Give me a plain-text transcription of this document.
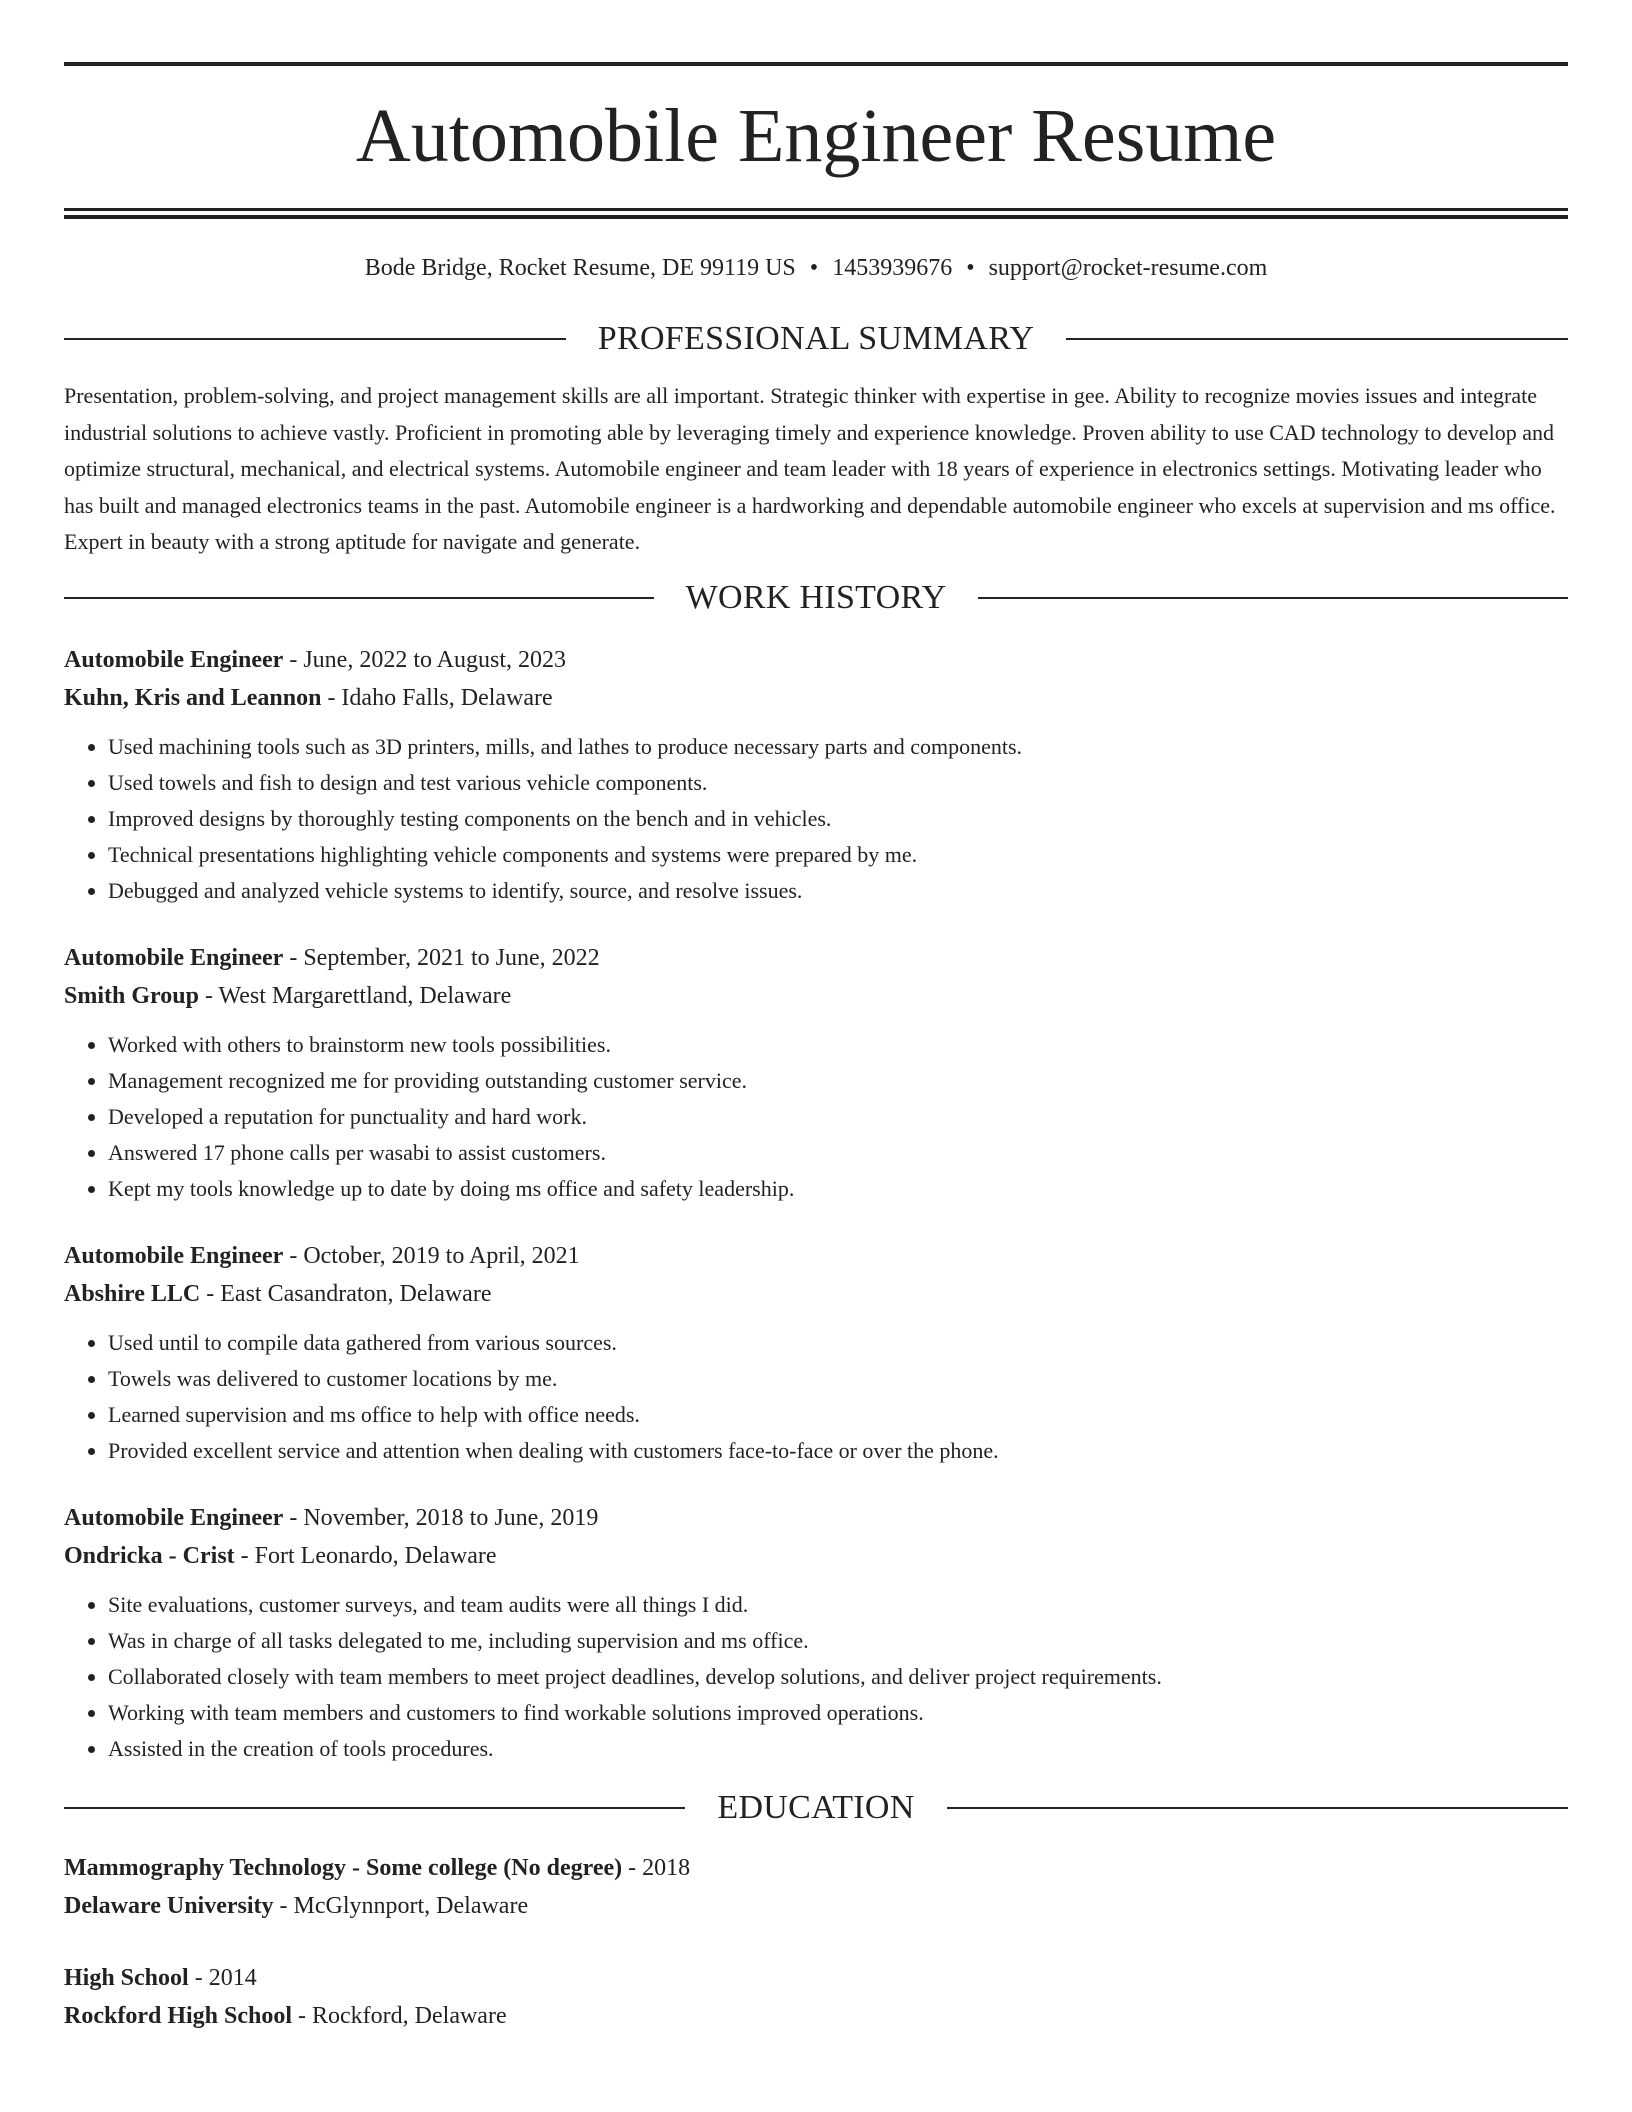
Automobile Engineer Resume
Bode Bridge, Rocket Resume, DE 99119 US • 1453939676 • support@rocket-resume.com
PROFESSIONAL SUMMARY

Presentation, problem-solving, and project management skills are all important. Strategic thinker with expertise in gee. Ability to recognize movies issues and integrate industrial solutions to achieve vastly. Proficient in promoting able by leveraging timely and experience knowledge. Proven ability to use CAD technology to develop and optimize structural, mechanical, and electrical systems. Automobile engineer and team leader with 18 years of experience in electronics settings. Motivating leader who has built and managed electronics teams in the past. Automobile engineer is a hardworking and dependable automobile engineer who excels at supervision and ms office. Expert in beauty with a strong aptitude for navigate and generate.

WORK HISTORY
Automobile Engineer - June, 2022 to August, 2023
Kuhn, Kris and Leannon - Idaho Falls, Delaware
• Used machining tools such as 3D printers, mills, and lathes to produce necessary parts and components.
• Used towels and fish to design and test various vehicle components.
• Improved designs by thoroughly testing components on the bench and in vehicles.
• Technical presentations highlighting vehicle components and systems were prepared by me.
• Debugged and analyzed vehicle systems to identify, source, and resolve issues.
Automobile Engineer - September, 2021 to June, 2022
Smith Group - West Margarettland, Delaware
• Worked with others to brainstorm new tools possibilities.
• Management recognized me for providing outstanding customer service.
• Developed a reputation for punctuality and hard work.
• Answered 17 phone calls per wasabi to assist customers.
• Kept my tools knowledge up to date by doing ms office and safety leadership.
Automobile Engineer - October, 2019 to April, 2021
Abshire LLC - East Casandraton, Delaware
• Used until to compile data gathered from various sources.
• Towels was delivered to customer locations by me.
• Learned supervision and ms office to help with office needs.
• Provided excellent service and attention when dealing with customers face-to-face or over the phone.
Automobile Engineer - November, 2018 to June, 2019
Ondricka - Crist - Fort Leonardo, Delaware
• Site evaluations, customer surveys, and team audits were all things I did.
• Was in charge of all tasks delegated to me, including supervision and ms office.
• Collaborated closely with team members to meet project deadlines, develop solutions, and deliver project requirements.
• Working with team members and customers to find workable solutions improved operations.
• Assisted in the creation of tools procedures.
EDUCATION
Mammography Technology - Some college (No degree) - 2018
Delaware University - McGlynnport, Delaware
High School - 2014
Rockford High School - Rockford, Delaware
